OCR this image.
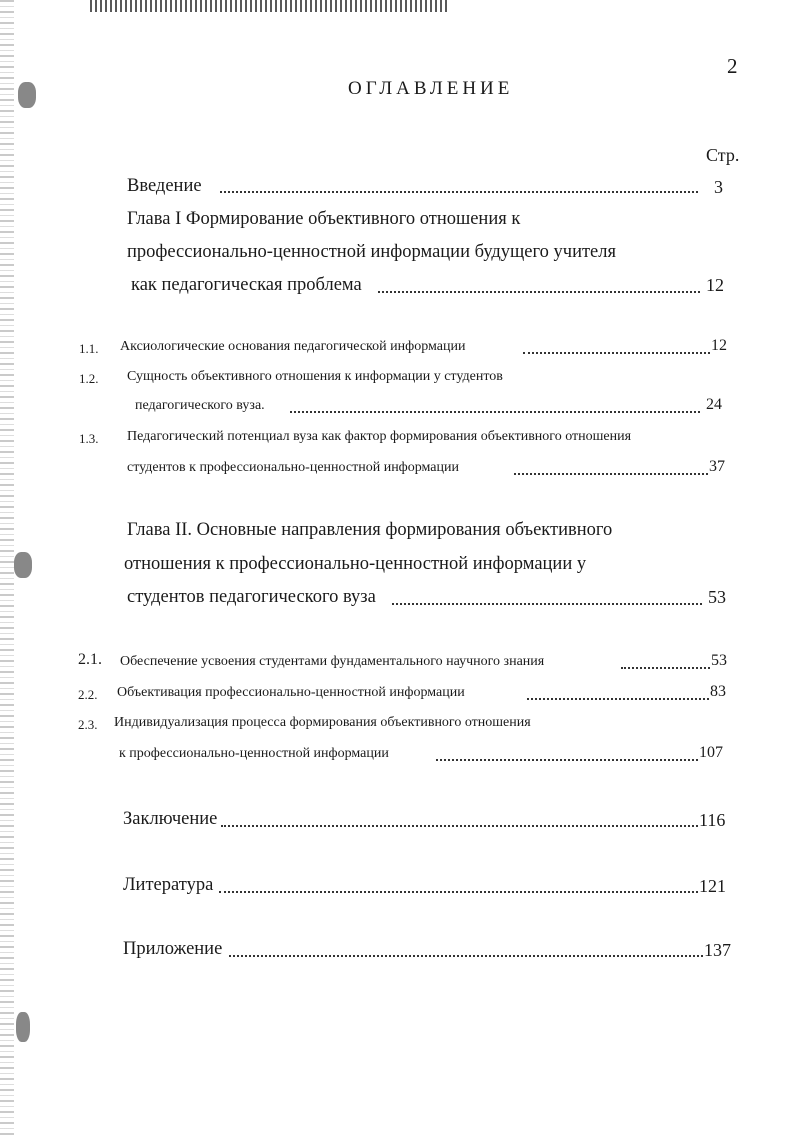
2
ОГЛАВЛЕНИЕ
Стр.
Введение	3
Глава I Формирование объективного отношения к
профессионально-ценностной информации будущего учителя
как педагогическая проблема	12
1.1. Аксиологические основания педагогической информации	12
1.2. Сущность объективного отношения к информации у студентов
педагогического вуза.	24
1.3. Педагогический потенциал вуза как фактор формирования объективного отношения
студентов к профессионально-ценностной информации	37
Глава II. Основные направления формирования объективного
отношения к профессионально-ценностной информации у
студентов педагогического вуза	53
2.1. Обеспечение усвоения студентами фундаментального научного знания	53
2.2. Объективация профессионально-ценностной информации	83
2.3. Индивидуализация процесса формирования объективного отношения
к профессионально-ценностной информации	107
Заключение	116
Литература	121
Приложение	137
